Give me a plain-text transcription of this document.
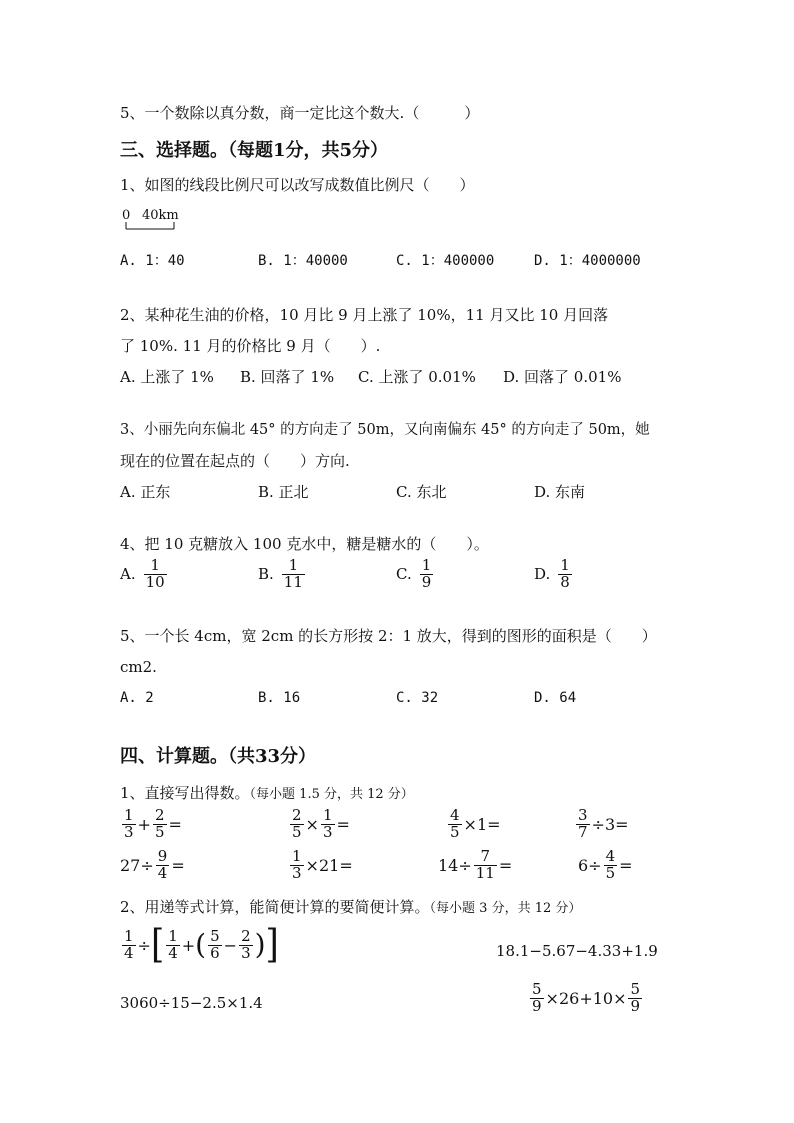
5、一个数除以真分数，商一定比这个数大.（　　　）
三、选择题。（每题1分，共5分）
1、如图的线段比例尺可以改写成数值比例尺（　　）
0 40km
A. 1：40	B. 1：40000	C. 1：400000	D. 1：4000000
2、某种花生油的价格，10 月比 9 月上涨了 10%，11 月又比 10 月回落
了 10%. 11 月的价格比 9 月（　　）.
A. 上涨了 1% B. 回落了 1% C. 上涨了 0.01% D. 回落了 0.01%
3、小丽先向东偏北 45° 的方向走了 50m，又向南偏东 45° 的方向走了 50m，她
现在的位置在起点的（　　）方向.
A. 正东	B. 正北	C. 东北	D. 东南
4、把 10 克糖放入 100 克水中，糖是糖水的（　　）。
A. $\frac{1}{10}$	B. $\frac{1}{11}$	C. $\frac{1}{9}$	D. $\frac{1}{8}$
5、一个长 4cm，宽 2cm 的长方形按 2：1 放大，得到的图形的面积是（　　）
cm2.
A. 2	B. 16	C. 32	D. 64
四、计算题。（共33分）
1、直接写出得数。（每小题 1.5 分，共 12 分）
$\frac{1}{3} + \frac{2}{5}$ =	$\frac{2}{5} \times \frac{1}{3}$ =	$\frac{4}{5} \times 1=$	$\frac{3}{7} \div 3=$
$27\div \frac{9}{4}$ =	$\frac{1}{3} \times 21=$	$14\div \frac{7}{11}$ =	$6\div \frac{4}{5}$ =
2、用递等式计算，能简便计算的要简便计算。（每小题 3 分，共 12 分）
$\frac{1}{4}$ ÷ [ $\frac{1}{4}$ + ( $\frac{5}{6} - \frac{2}{3}$ ) ]	18.1−5.67−4.33+1.9
3060÷15−2.5×1.4	$\frac{5}{9} \times 26+10\times \frac{5}{9}$
